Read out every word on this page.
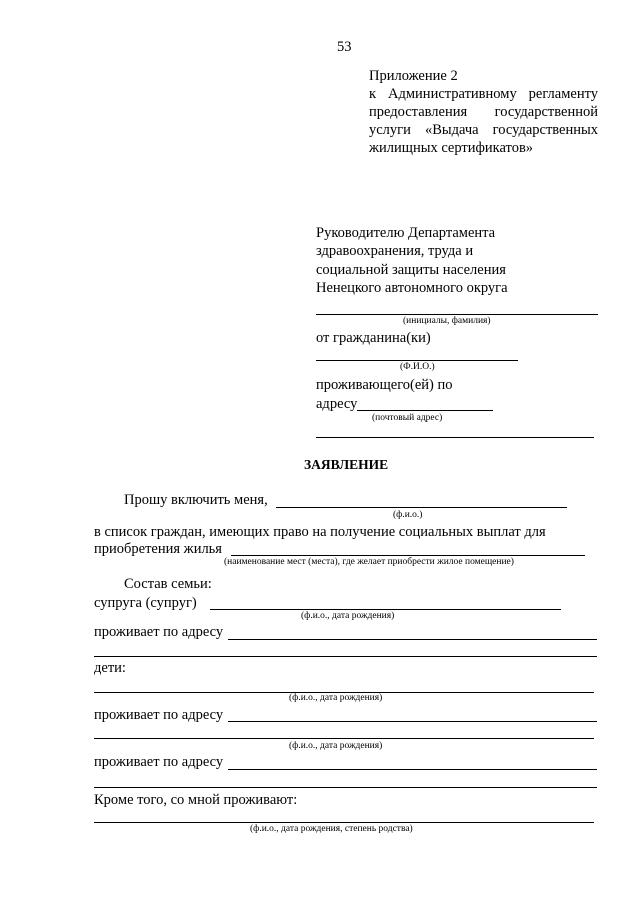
53
Приложение 2
к Административному регламенту
предоставления государственной
услуги «Выдача государственных
жилищных сертификатов»
Руководителю Департамента
здравоохранения, труда и
социальной защиты населения
Ненецкого автономного округа
(инициалы, фамилия)
от гражданина(ки)
(Ф.И.О.)
проживающего(ей) по
адресу
(почтовый адрес)
ЗАЯВЛЕНИЕ
Прошу включить меня,
(ф.и.о.)
в список граждан, имеющих право на получение социальных выплат для
приобретения жилья
(наименование мест (места), где желает приобрести жилое помещение)
Состав семьи:
супруга (супруг)
(ф.и.о., дата рождения)
проживает по адресу
дети:
(ф.и.о., дата рождения)
проживает по адресу
(ф.и.о., дата рождения)
проживает по адресу
Кроме того, со мной проживают:
(ф.и.о., дата рождения, степень родства)
